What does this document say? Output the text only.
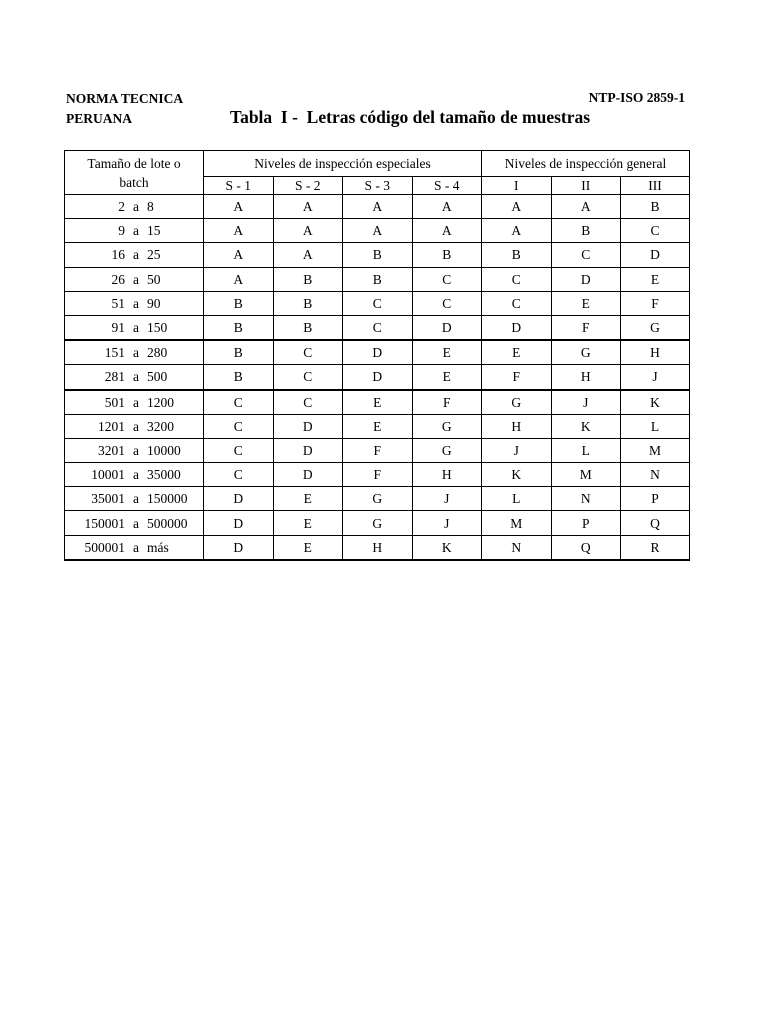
NORMA TECNICA
PERUANA
NTP-ISO 2859-1
Tabla  I -  Letras código del tamaño de muestras
Tamaño de lote o
batch	Niveles de inspección especiales				Niveles de inspección general		
	S - 1	S - 2	S - 3	S - 4	I	II	III

2 a 8	A	A	A	A	A	A	B

9 a 15	A	A	A	A	A	B	C

16 a 25	A	A	B	B	B	C	D

26 a 50	A	B	B	C	C	D	E

51 a 90	B	B	C	C	C	E	F

91 a 150	B	B	C	D	D	F	G

151 a 280	B	C	D	E	E	G	H

281 a 500	B	C	D	E	F	H	J

501 a 1200	C	C	E	F	G	J	K

1201 a 3200	C	D	E	G	H	K	L

3201 a 10000	C	D	F	G	J	L	M

10001 a 35000	C	D	F	H	K	M	N

35001 a 150000	D	E	G	J	L	N	P

150001 a 500000	D	E	G	J	M	P	Q

500001 a más	D	E	H	K	N	Q	R
